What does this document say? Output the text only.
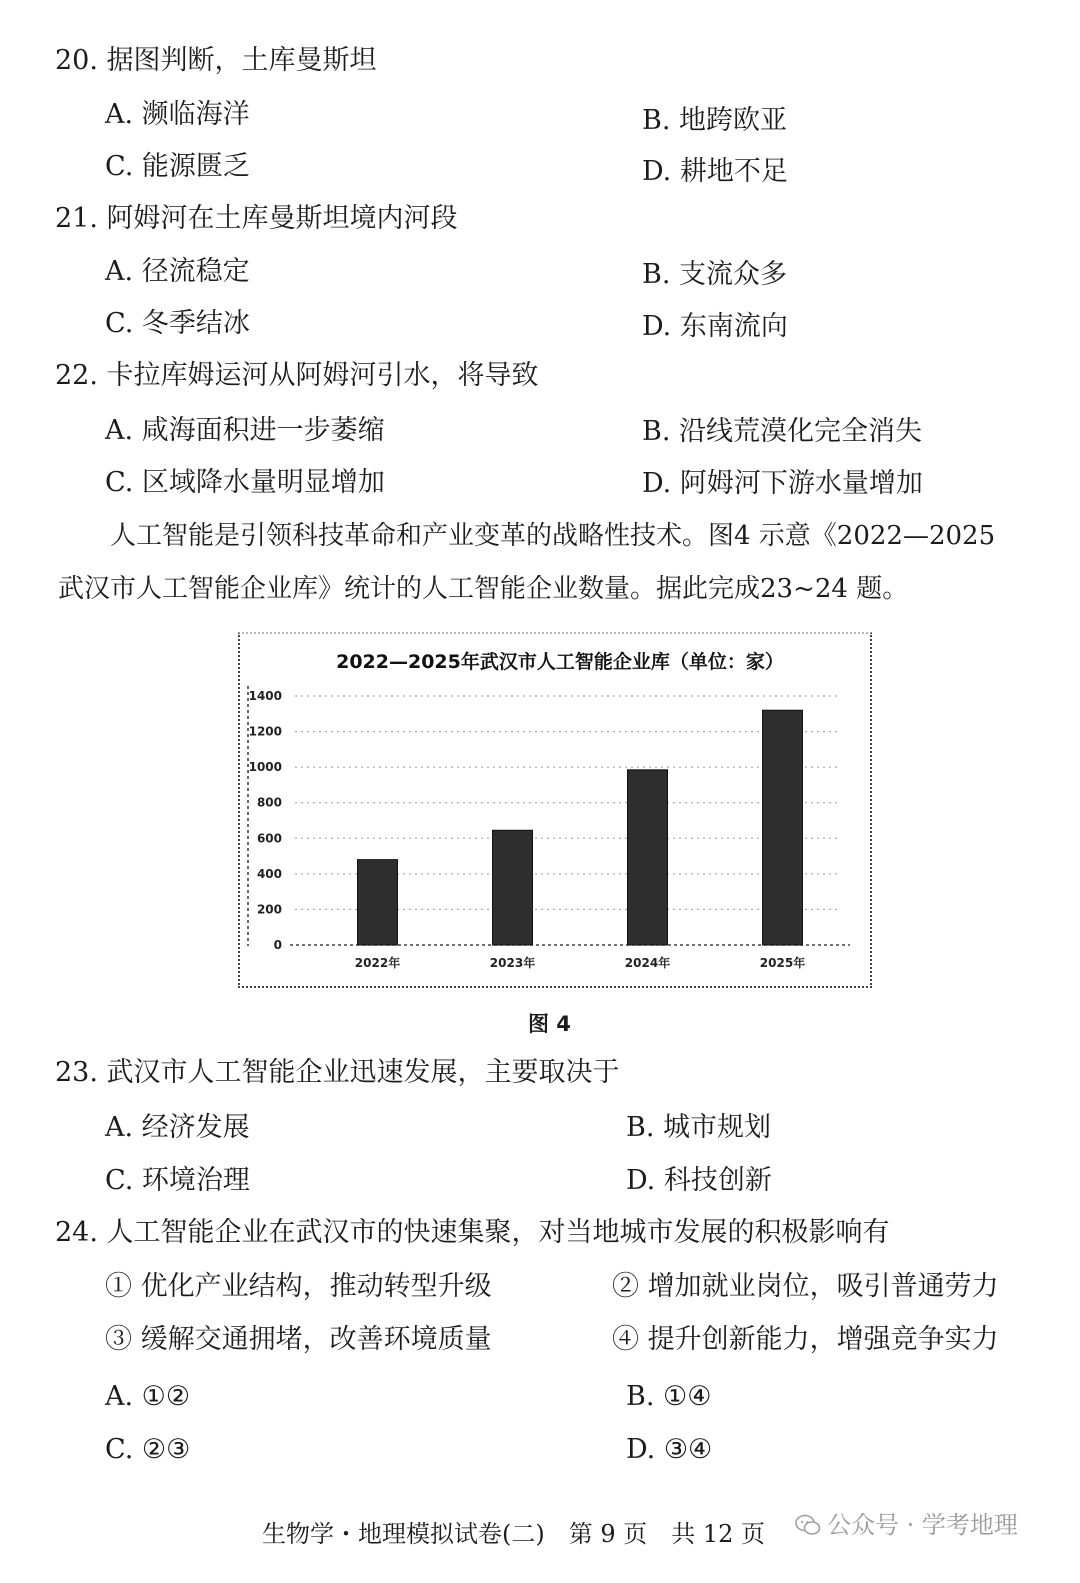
20. 据图判断，土库曼斯坦
A. 濒临海洋	B. 地跨欧亚
C. 能源匮乏	D. 耕地不足
21. 阿姆河在土库曼斯坦境内河段
A. 径流稳定	B. 支流众多
C. 冬季结冰	D. 东南流向
22. 卡拉库姆运河从阿姆河引水，将导致
A. 咸海面积进一步萎缩	B. 沿线荒漠化完全消失
C. 区域降水量明显增加	D. 阿姆河下游水量增加
人工智能是引领科技革命和产业变革的战略性技术。图4 示意《2022—2025
武汉市人工智能企业库》统计的人工智能企业数量。据此完成23~24 题。
2022—2025年武汉市人工智能企业库（单位：家）
0
200
400
600
800
1000
1200
1400
2022年	2023年	2024年	2025年
图 4
23. 武汉市人工智能企业迅速发展，主要取决于
A. 经济发展	B. 城市规划
C. 环境治理	D. 科技创新
24. 人工智能企业在武汉市的快速集聚，对当地城市发展的积极影响有
① 优化产业结构，推动转型升级	② 增加就业岗位，吸引普通劳力
③ 缓解交通拥堵，改善环境质量	④ 提升创新能力，增强竞争实力
A. ①②	B. ①④
C. ②③	D. ③④
生物学・地理模拟试卷(二)　第 9 页　共 12 页	公众号 · 学考地理
